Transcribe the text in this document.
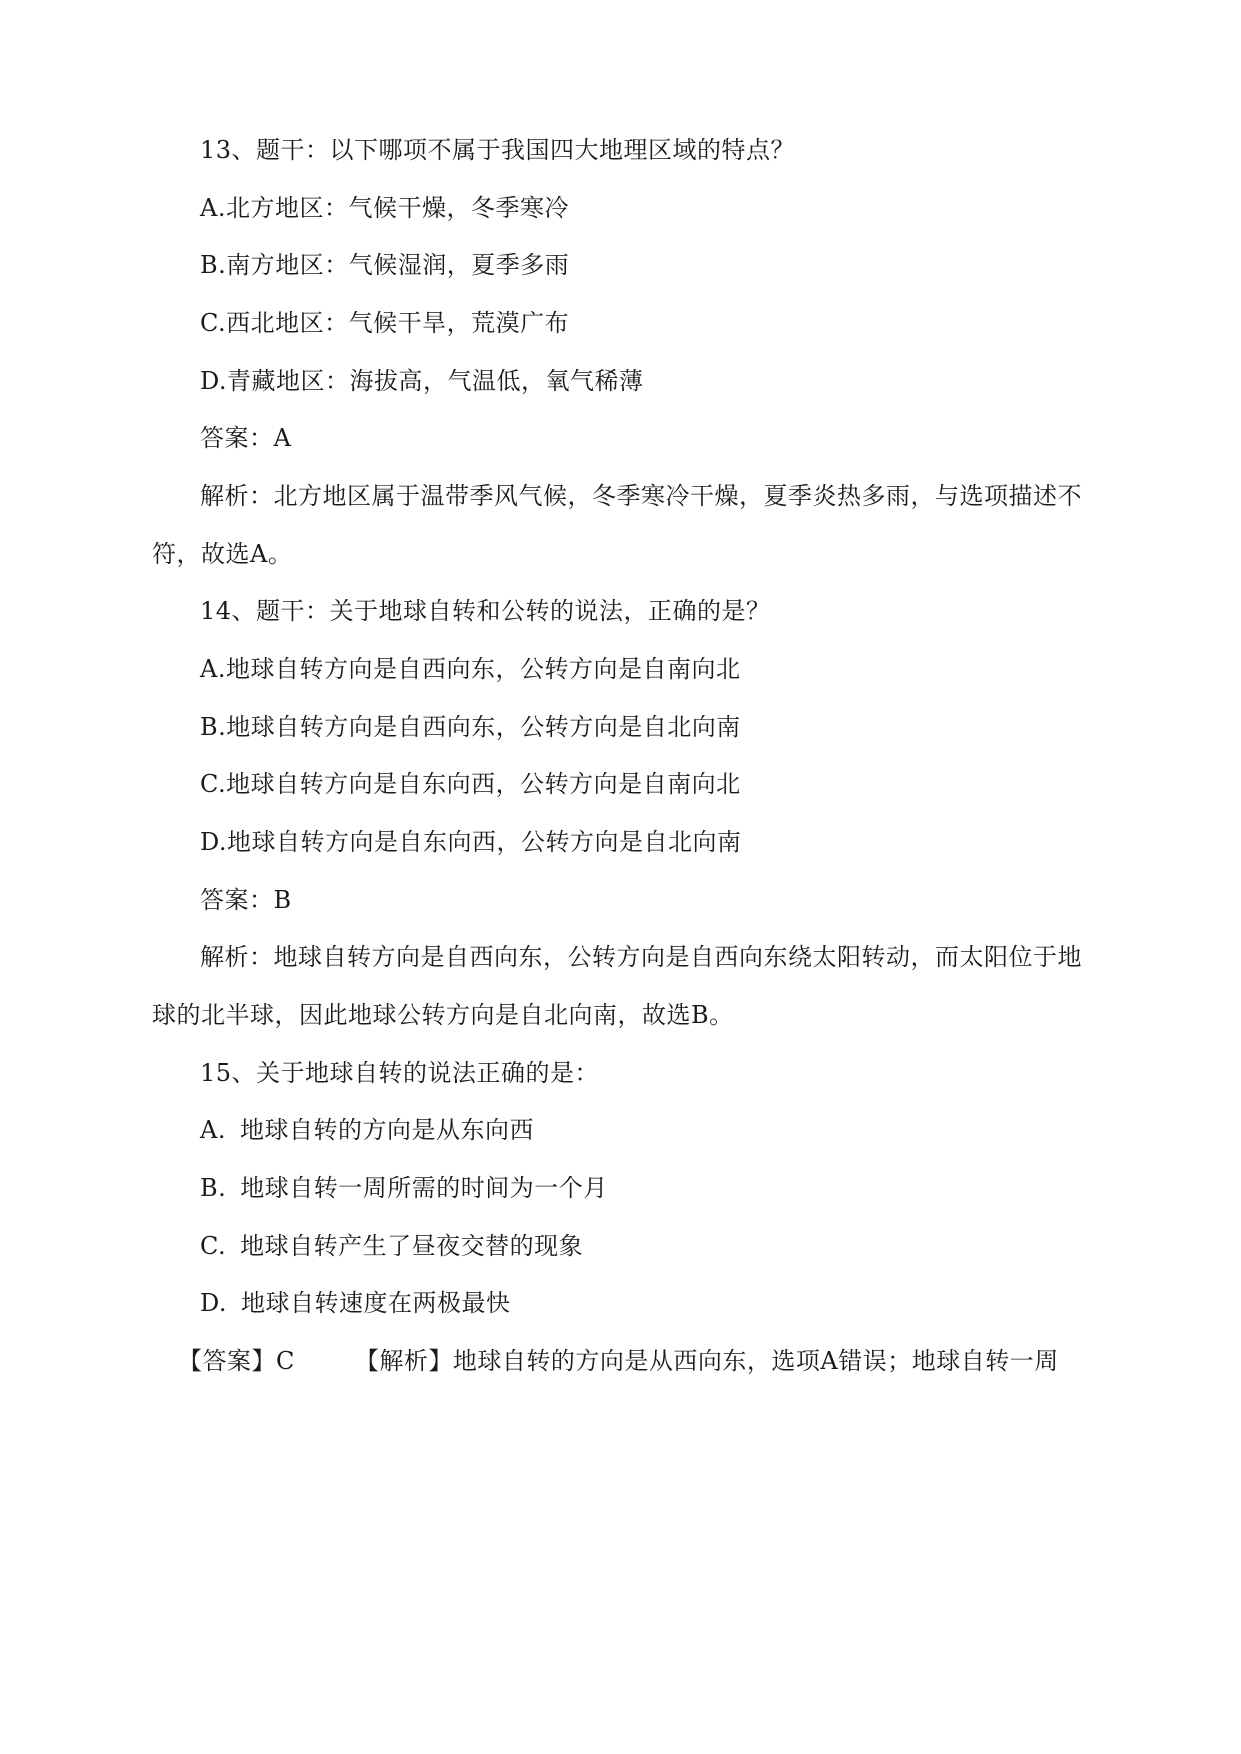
13、题干：以下哪项不属于我国四大地理区域的特点？
A.北方地区：气候干燥，冬季寒冷
B.南方地区：气候湿润，夏季多雨
C.西北地区：气候干旱，荒漠广布
D.青藏地区：海拔高，气温低，氧气稀薄
答案：A
解析：北方地区属于温带季风气候，冬季寒冷干燥，夏季炎热多雨，与选项描述不
符，故选A。
14、题干：关于地球自转和公转的说法，正确的是？
A.地球自转方向是自西向东，公转方向是自南向北
B.地球自转方向是自西向东，公转方向是自北向南
C.地球自转方向是自东向西，公转方向是自南向北
D.地球自转方向是自东向西，公转方向是自北向南
答案：B
解析：地球自转方向是自西向东，公转方向是自西向东绕太阳转动，而太阳位于地
球的北半球，因此地球公转方向是自北向南，故选B。
15、关于地球自转的说法正确的是：
A. 地球自转的方向是从东向西
B. 地球自转一周所需的时间为一个月
C. 地球自转产生了昼夜交替的现象
D. 地球自转速度在两极最快
【答案】C	【解析】地球自转的方向是从西向东，选项A错误；地球自转一周
